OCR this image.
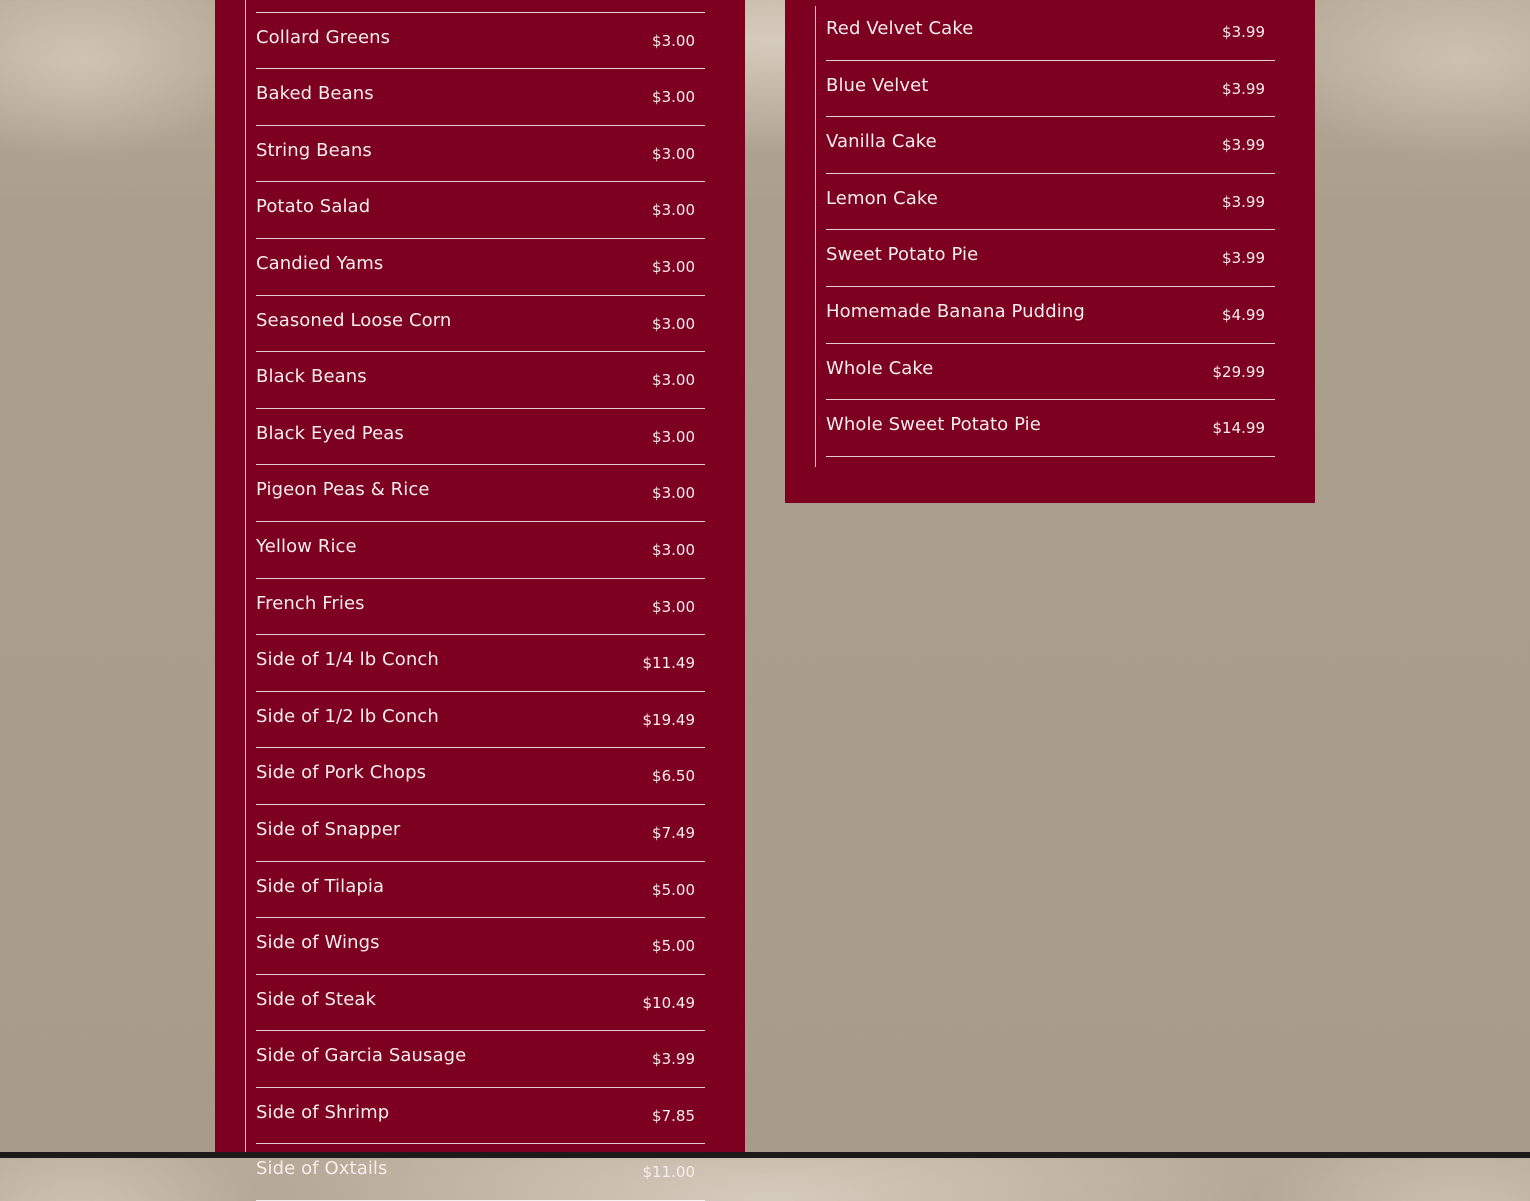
Collard Greens	$3.00
Baked Beans	$3.00
String Beans	$3.00
Potato Salad	$3.00
Candied Yams	$3.00
Seasoned Loose Corn	$3.00
Black Beans	$3.00
Black Eyed Peas	$3.00
Pigeon Peas & Rice	$3.00
Yellow Rice	$3.00
French Fries	$3.00
Side of 1/4 lb Conch	$11.49
Side of 1/2 lb Conch	$19.49
Side of Pork Chops	$6.50
Side of Snapper	$7.49
Side of Tilapia	$5.00
Side of Wings	$5.00
Side of Steak	$10.49
Side of Garcia Sausage	$3.99
Side of Shrimp	$7.85
Side of Oxtails	$11.00
Red Velvet Cake	$3.99
Blue Velvet	$3.99
Vanilla Cake	$3.99
Lemon Cake	$3.99
Sweet Potato Pie	$3.99
Homemade Banana Pudding	$4.99
Whole Cake	$29.99
Whole Sweet Potato Pie	$14.99
